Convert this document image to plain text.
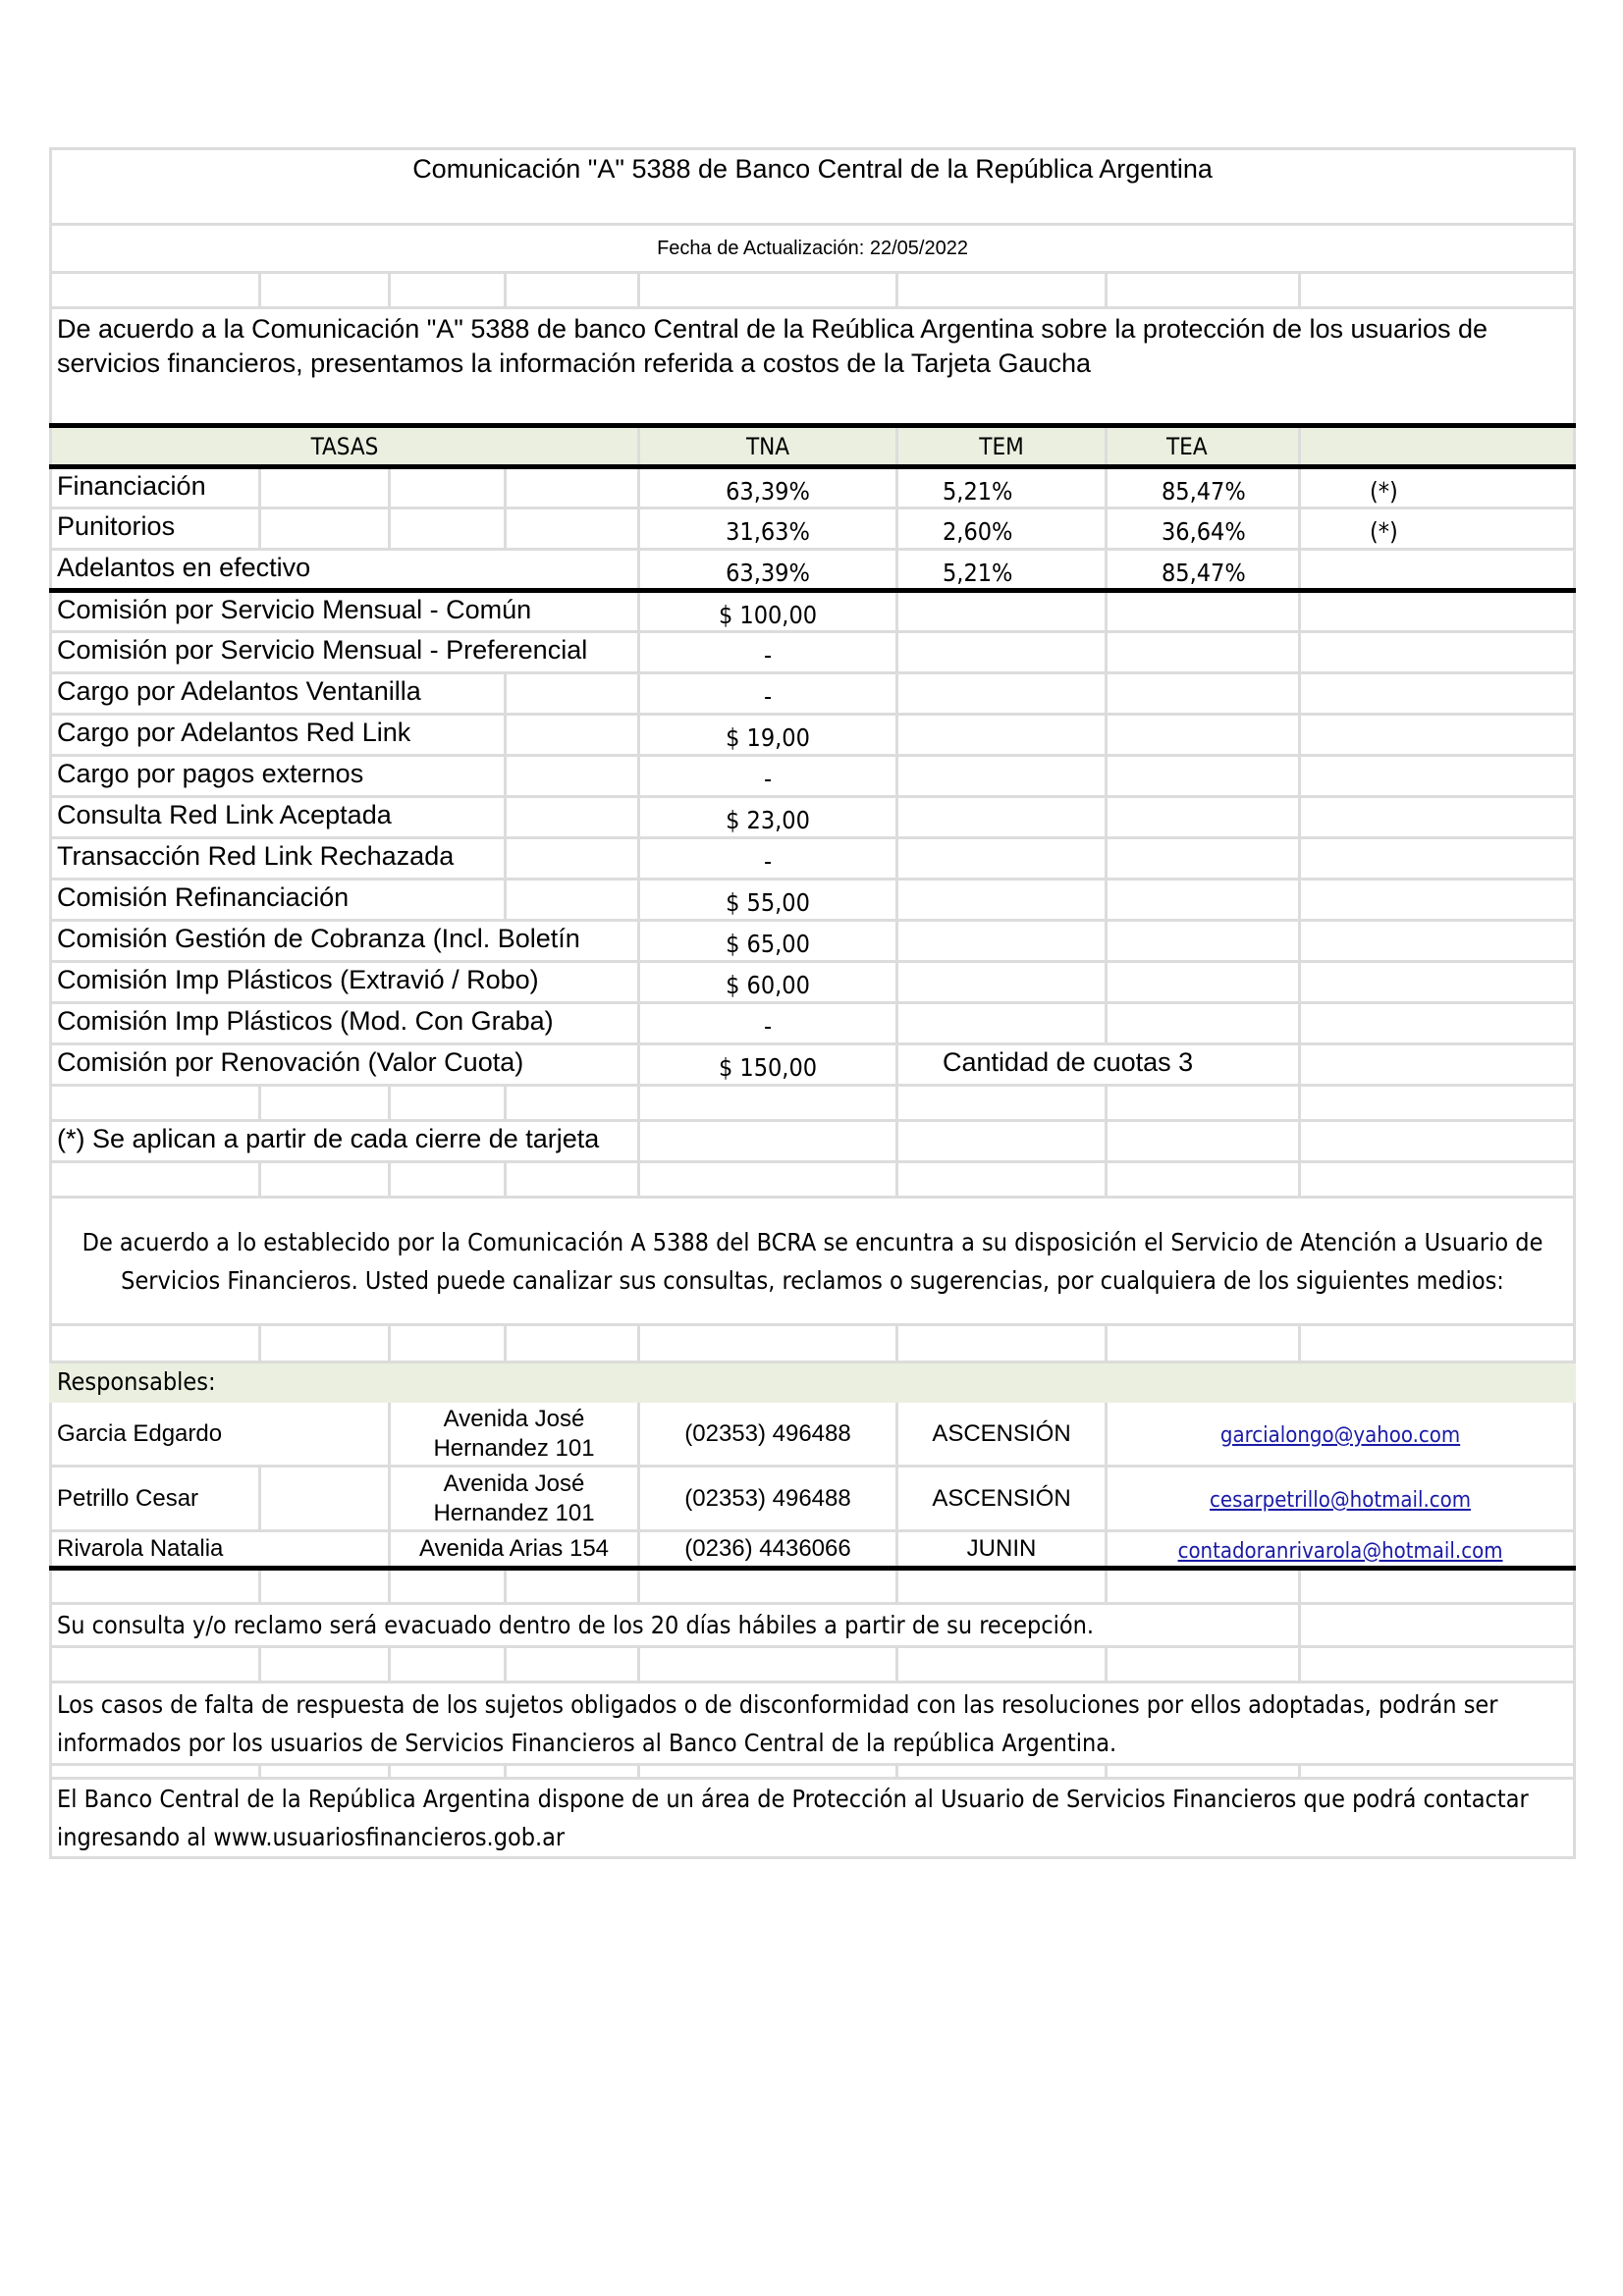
Comunicación "A" 5388 de Banco Central de la República Argentina							
Fecha de Actualización: 22/05/2022							

De acuerdo a la Comunicación "A" 5388 de banco Central de la Reública Argentina sobre la protección de los usuarios de servicios financieros, presentamos la información referida a costos de la Tarjeta Gaucha							
TASAS				TNA	TEM	TEA	
Financiación				63,39%	5,21%	85,47%	(*)
Punitorios				31,63%	2,60%	36,64%	(*)
Adelantos en efectivo				63,39%	5,21%	85,47%	
Comisión por Servicio Mensual - Común				$ 100,00			
Comisión por Servicio Mensual - Preferencial				-			
Cargo por Adelantos Ventanilla				-			
Cargo por Adelantos Red Link				$ 19,00			
Cargo por pagos externos				-			
Consulta Red Link Aceptada				$ 23,00			
Transacción Red Link Rechazada				-			
Comisión Refinanciación				$ 55,00			
Comisión Gestión de Cobranza (Incl. Boletín				$ 65,00			
Comisión Imp Plásticos (Extravió / Robo)				$ 60,00			
Comisión Imp Plásticos (Mod. Con Graba)				-			
Comisión por Renovación (Valor Cuota)				$ 150,00	Cantidad de cuotas 3		

(*) Se aplican a partir de cada cierre de tarjeta							

De acuerdo a lo establecido por la Comunicación A 5388 del BCRA se encuntra a su disposición el Servicio de Atención a Usuario de Servicios Financieros. Usted puede canalizar sus consultas, reclamos o sugerencias, por cualquiera de los siguientes medios:							

Responsables:							
Garcia Edgardo		Avenida José Hernandez 101		(02353) 496488	ASCENSIÓN	garcialongo@yahoo.com	
Petrillo Cesar		Avenida José Hernandez 101		(02353) 496488	ASCENSIÓN	cesarpetrillo@hotmail.com	
Rivarola Natalia		Avenida Arias 154		(0236) 4436066	JUNIN	contadoranrivarola@hotmail.com	

Su consulta y/o reclamo será evacuado dentro de los 20 días hábiles a partir de su recepción.							

Los casos de falta de respuesta de los sujetos obligados o de disconformidad con las resoluciones por ellos adoptadas, podrán ser informados por los usuarios de Servicios Financieros al Banco Central de la república Argentina.							

El Banco Central de la República Argentina dispone de un área de Protección al Usuario de Servicios Financieros que podrá contactar ingresando al www.usuariosfinancieros.gob.ar							
